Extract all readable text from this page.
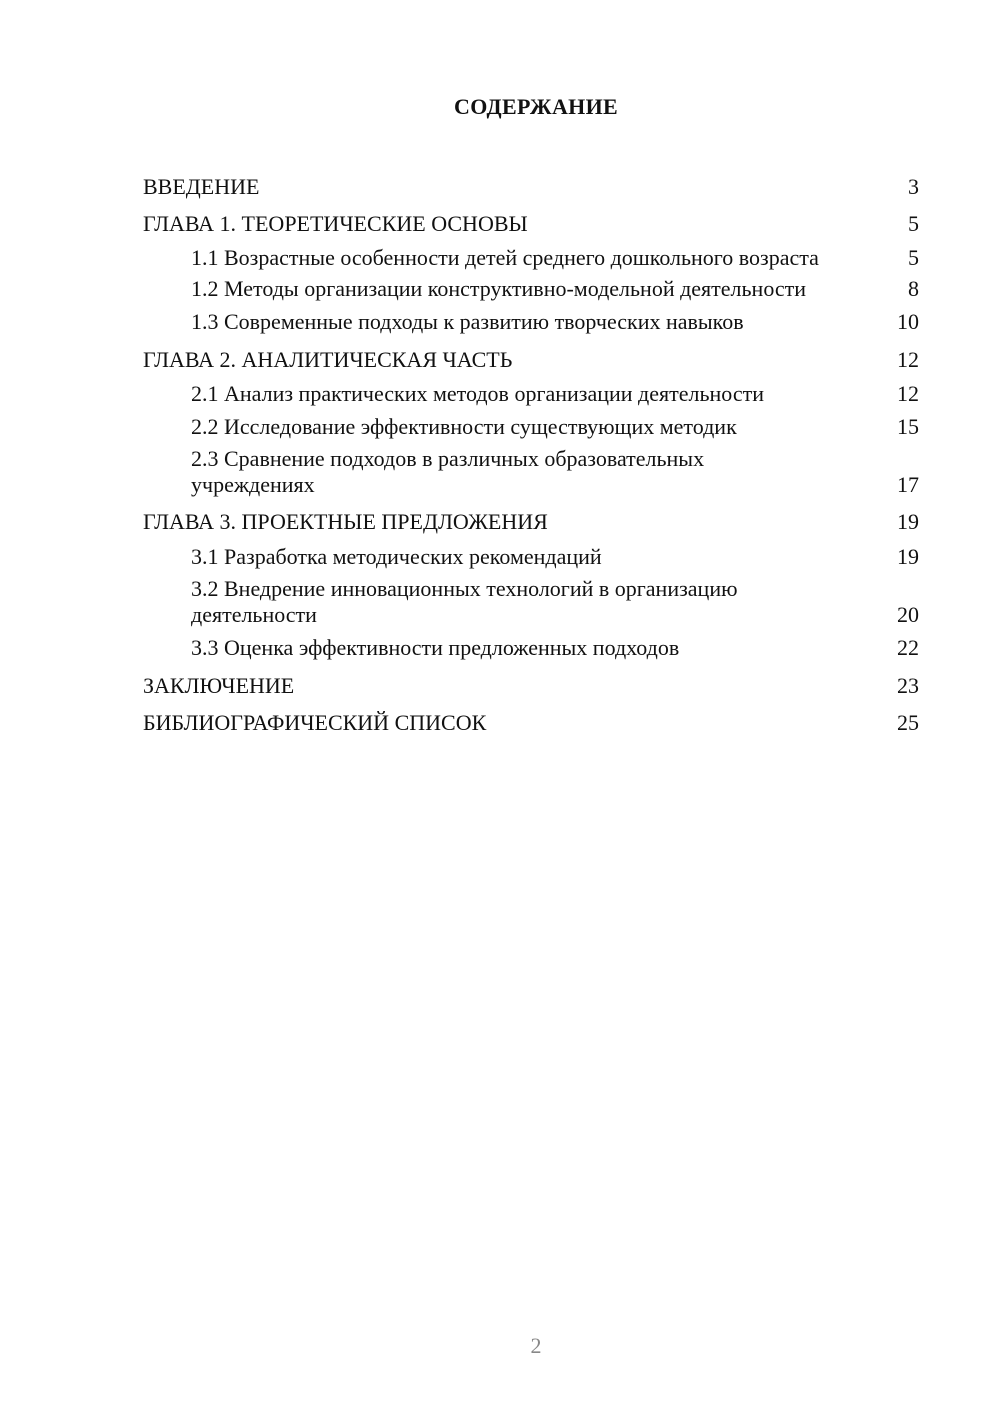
СОДЕРЖАНИЕ
ВВЕДЕНИЕ	3
ГЛАВА 1. ТЕОРЕТИЧЕСКИЕ ОСНОВЫ	5
1.1 Возрастные особенности детей среднего дошкольного возраста	5
1.2 Методы организации конструктивно-модельной деятельности	8
1.3 Современные подходы к развитию творческих навыков	10
ГЛАВА 2. АНАЛИТИЧЕСКАЯ ЧАСТЬ	12
2.1 Анализ практических методов организации деятельности	12
2.2 Исследование эффективности существующих методик	15
2.3 Сравнение подходов в различных образовательных учреждениях	17
ГЛАВА 3. ПРОЕКТНЫЕ ПРЕДЛОЖЕНИЯ	19
3.1 Разработка методических рекомендаций	19
3.2 Внедрение инновационных технологий в организацию деятельности	20
3.3 Оценка эффективности предложенных подходов	22
ЗАКЛЮЧЕНИЕ	23
БИБЛИОГРАФИЧЕСКИЙ СПИСОК	25
2
